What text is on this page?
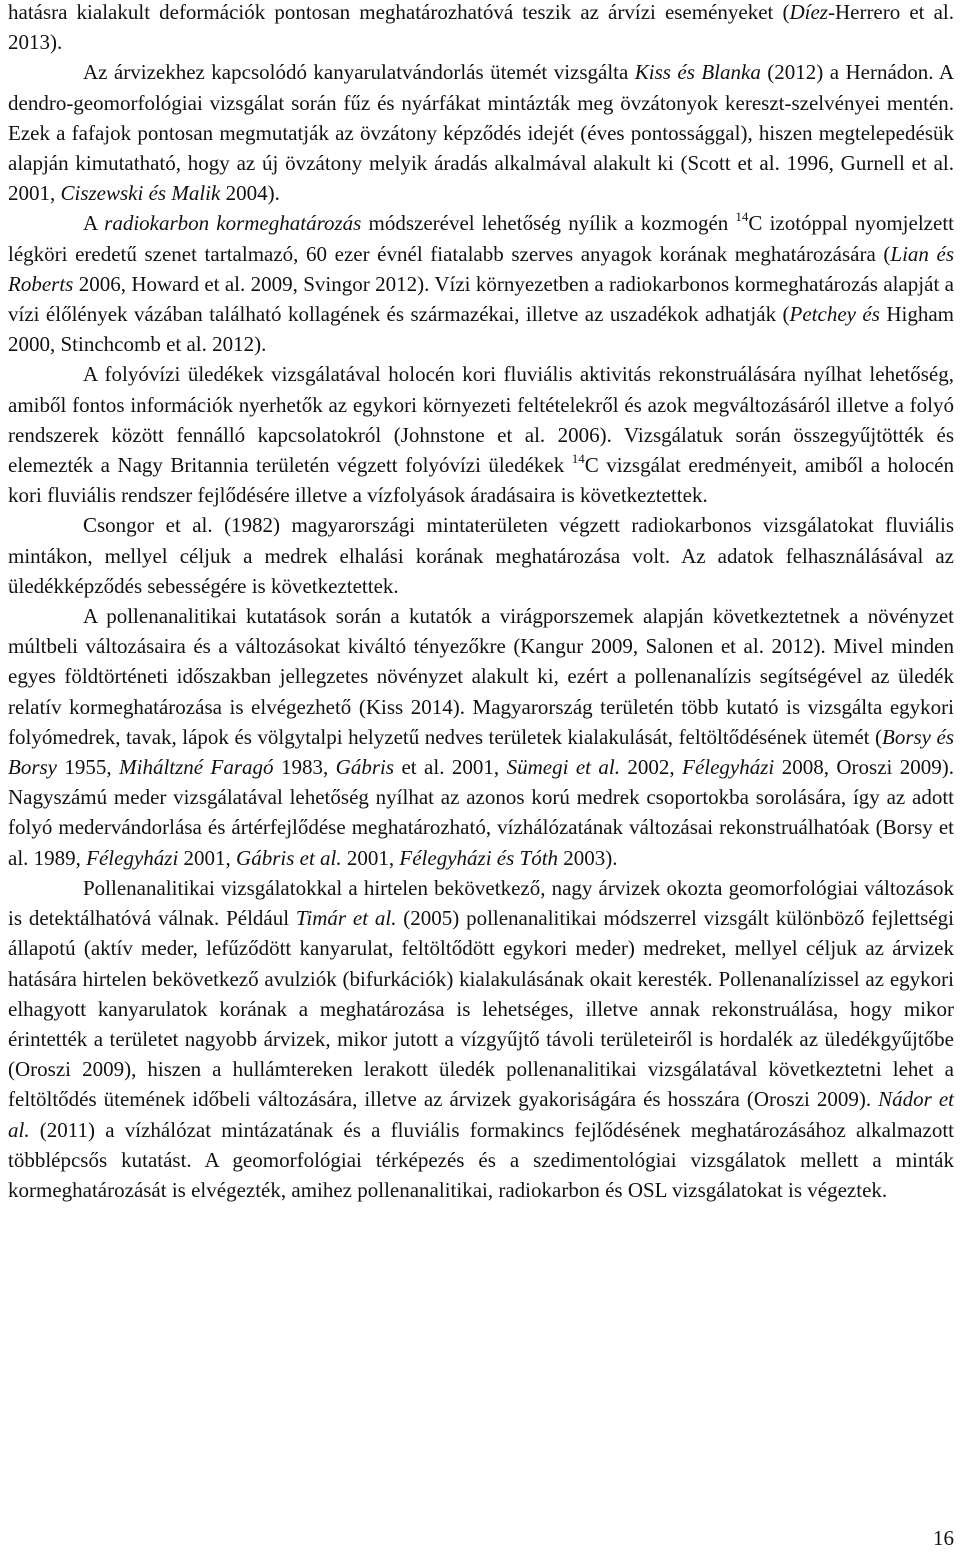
hatásra kialakult deformációk pontosan meghatározhatóvá teszik az árvízi eseményeket (Díez-Herrero et al. 2013).

Az árvizekhez kapcsolódó kanyarulatvándorlás ütemét vizsgálta Kiss és Blanka (2012) a Hernádon. A dendro-geomorfológiai vizsgálat során fűz és nyárfákat mintázták meg övzátonyok kereszt-szelvényei mentén. Ezek a fafajok pontosan megmutatják az övzátony képződés idejét (éves pontossággal), hiszen megtelepedésük alapján kimutatható, hogy az új övzátony melyik áradás alkalmával alakult ki (Scott et al. 1996, Gurnell et al. 2001, Ciszewski és Malik 2004).

A radiokarbon kormeghatározás módszerével lehetőség nyílik a kozmogén $^{14}$C izotóppal nyomjelzett légköri eredetű szenet tartalmazó, 60 ezer évnél fiatalabb szerves anyagok korának meghatározására (Lian és Roberts 2006, Howard et al. 2009, Svingor 2012). Vízi környezetben a radiokarbonos kormeghatározás alapját a vízi élőlények vázában található kollagének és származékai, illetve az uszadékok adhatják (Petchey és Higham 2000, Stinchcomb et al. 2012).

A folyóvízi üledékek vizsgálatával holocén kori fluviális aktivitás rekonstruálására nyílhat lehetőség, amiből fontos információk nyerhetők az egykori környezeti feltételekről és azok megváltozásáról illetve a folyó rendszerek között fennálló kapcsolatokról (Johnstone et al. 2006). Vizsgálatuk során összegyűjtötték és elemezték a Nagy Britannia területén végzett folyóvízi üledékek $^{14}$C vizsgálat eredményeit, amiből a holocén kori fluviális rendszer fejlődésére illetve a vízfolyások áradásaira is következtettek.

Csongor et al. (1982) magyarországi mintaterületen végzett radiokarbonos vizsgálatokat fluviális mintákon, mellyel céljuk a medrek elhalási korának meghatározása volt. Az adatok felhasználásával az üledékképződés sebességére is következtettek.

A pollenanalitikai kutatások során a kutatók a virágporszemek alapján következtetnek a növényzet múltbeli változásaira és a változásokat kiváltó tényezőkre (Kangur 2009, Salonen et al. 2012). Mivel minden egyes földtörténeti időszakban jellegzetes növényzet alakult ki, ezért a pollenanalízis segítségével az üledék relatív kormeghatározása is elvégezhető (Kiss 2014). Magyarország területén több kutató is vizsgálta egykori folyómedrek, tavak, lápok és völgytalpi helyzetű nedves területek kialakulását, feltöltődésének ütemét (Borsy és Borsy 1955, Miháltzné Faragó 1983, Gábris et al. 2001, Sümegi et al. 2002, Félegyházi 2008, Oroszi 2009). Nagyszámú meder vizsgálatával lehetőség nyílhat az azonos korú medrek csoportokba sorolására, így az adott folyó medervándorlása és ártérfejlődése meghatározható, vízhálózatának változásai rekonstruálhatóak (Borsy et al. 1989, Félegyházi 2001, Gábris et al. 2001, Félegyházi és Tóth 2003).

Pollenanalitikai vizsgálatokkal a hirtelen bekövetkező, nagy árvizek okozta geomorfológiai változások is detektálhatóvá válnak. Például Timár et al. (2005) pollenanalitikai módszerrel vizsgált különböző fejlettségi állapotú (aktív meder, lefűződött kanyarulat, feltöltődött egykori meder) medreket, mellyel céljuk az árvizek hatására hirtelen bekövetkező avulziók (bifurkációk) kialakulásának okait keresték. Pollenanalízissel az egykori elhagyott kanyarulatok korának a meghatározása is lehetséges, illetve annak rekonstruálása, hogy mikor érintették a területet nagyobb árvizek, mikor jutott a vízgyűjtő távoli területeiről is hordalék az üledékgyűjtőbe (Oroszi 2009), hiszen a hullámtereken lerakott üledék pollenanalitikai vizsgálatával következtetni lehet a feltöltődés ütemének időbeli változására, illetve az árvizek gyakoriságára és hosszára (Oroszi 2009). Nádor et al. (2011) a vízhálózat mintázatának és a fluviális formakincs fejlődésének meghatározásához alkalmazott többlépcsős kutatást. A geomorfológiai térképezés és a szedimentológiai vizsgálatok mellett a minták kormeghatározását is elvégezték, amihez pollenanalitikai, radiokarbon és OSL vizsgálatokat is végeztek.

16
